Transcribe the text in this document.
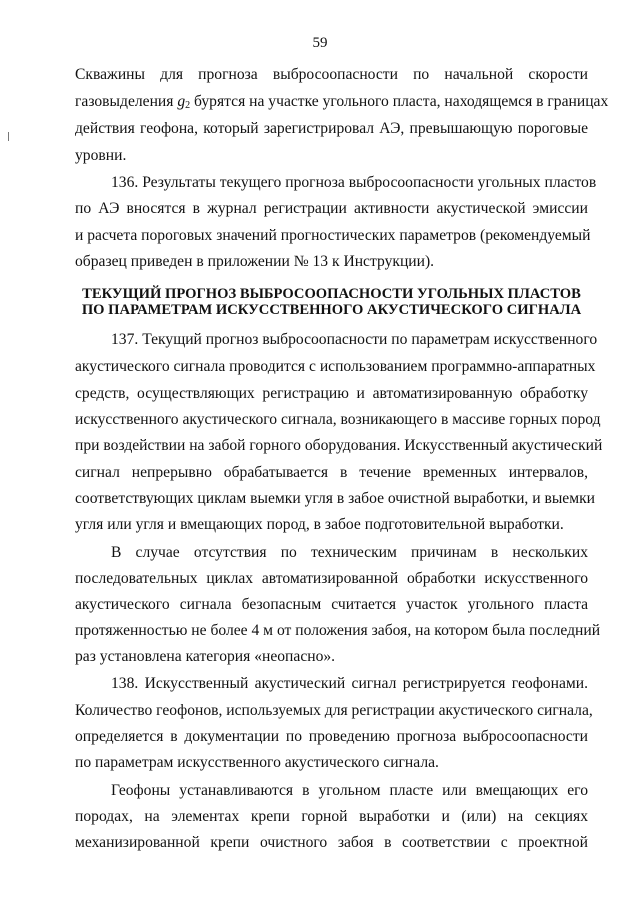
59
Скважины для прогноза выбросоопасности по начальной скорости
газовыделения $g_2$ бурятся на участке угольного пласта, находящемся в границах
действия геофона, который зарегистрировал АЭ, превышающую пороговые
уровни.
136. Результаты текущего прогноза выбросоопасности угольных пластов
по АЭ вносятся в журнал регистрации активности акустической эмиссии
и расчета пороговых значений прогностических параметров (рекомендуемый
образец приведен в приложении № 13 к Инструкции).
ТЕКУЩИЙ ПРОГНОЗ ВЫБРОСООПАСНОСТИ УГОЛЬНЫХ ПЛАСТОВ
ПО ПАРАМЕТРАМ ИСКУССТВЕННОГО АКУСТИЧЕСКОГО СИГНАЛА
137. Текущий прогноз выбросоопасности по параметрам искусственного
акустического сигнала проводится с использованием программно-аппаратных
средств, осуществляющих регистрацию и автоматизированную обработку
искусственного акустического сигнала, возникающего в массиве горных пород
при воздействии на забой горного оборудования. Искусственный акустический
сигнал непрерывно обрабатывается в течение временных интервалов,
соответствующих циклам выемки угля в забое очистной выработки, и выемки
угля или угля и вмещающих пород, в забое подготовительной выработки.
В случае отсутствия по техническим причинам в нескольких
последовательных циклах автоматизированной обработки искусственного
акустического сигнала безопасным считается участок угольного пласта
протяженностью не более 4 м от положения забоя, на котором была последний
раз установлена категория «неопасно».
138. Искусственный акустический сигнал регистрируется геофонами.
Количество геофонов, используемых для регистрации акустического сигнала,
определяется в документации по проведению прогноза выбросоопасности
по параметрам искусственного акустического сигнала.
Геофоны устанавливаются в угольном пласте или вмещающих его
породах, на элементах крепи горной выработки и (или) на секциях
механизированной крепи очистного забоя в соответствии с проектной
